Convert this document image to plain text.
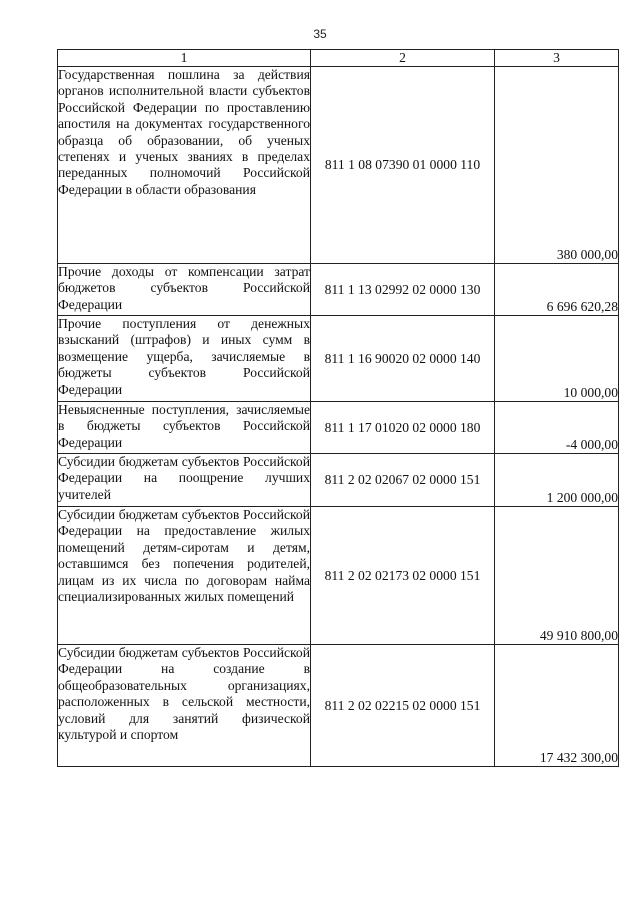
35
1	2	3
Государственная пошлина за действия органов исполнительной власти субъектов Российской Федерации по проставлению апостиля на документах государственного образца об образовании, об ученых степенях и ученых званиях в пределах переданных полномочий Российской Федерации в области образования	811 1 08 07390 01 0000 110	380 000,00
Прочие доходы от компенсации затрат бюджетов субъектов Российской Федерации	811 1 13 02992 02 0000 130	6 696 620,28
Прочие поступления от денежных взысканий (штрафов) и иных сумм в возмещение ущерба, зачисляемые в бюджеты субъектов Российской Федерации	811 1 16 90020 02 0000 140	10 000,00
Невыясненные поступления, зачисляемые в бюджеты субъектов Российской Федерации	811 1 17 01020 02 0000 180	-4 000,00
Субсидии бюджетам субъектов Российской Федерации на поощрение лучших учителей	811 2 02 02067 02 0000 151	1 200 000,00
Субсидии бюджетам субъектов Российской Федерации на предоставление жилых помещений детям-сиротам и детям, оставшимся без попечения родителей, лицам из их числа по договорам найма специализированных жилых помещений	811 2 02 02173 02 0000 151	49 910 800,00
Субсидии бюджетам субъектов Российской Федерации на создание в общеобразовательных организациях, расположенных в сельской местности, условий для занятий физической культурой и спортом	811 2 02 02215 02 0000 151	17 432 300,00
